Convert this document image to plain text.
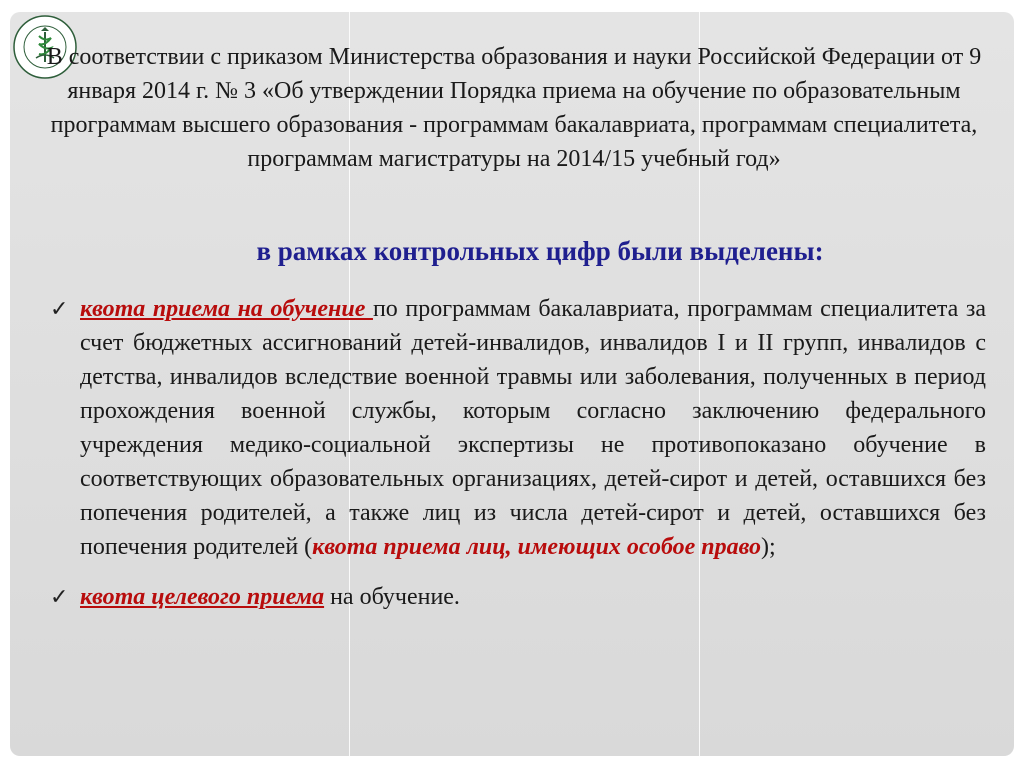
В соответствии с приказом Министерства образования и науки Российской Федерации от 9 января 2014 г. № 3 «Об утверждении Порядка приема на обучение по образовательным программам высшего образования - программам бакалавриата, программам специалитета, программам магистратуры на 2014/15 учебный год»
в рамках контрольных цифр были выделены:
✓ квота приема на обучение по программам бакалавриата, программам специалитета за счет бюджетных ассигнований детей-инвалидов, инвалидов I и II групп, инвалидов с детства, инвалидов вследствие военной травмы или заболевания, полученных в период прохождения военной службы, которым согласно заключению федерального учреждения медико-социальной экспертизы не противопоказано обучение в соответствующих образовательных организациях, детей-сирот и детей, оставшихся без попечения родителей, а также лиц из числа детей-сирот и детей, оставшихся без попечения родителей (квота приема лиц, имеющих особое право);
✓ квота целевого приема на обучение.
